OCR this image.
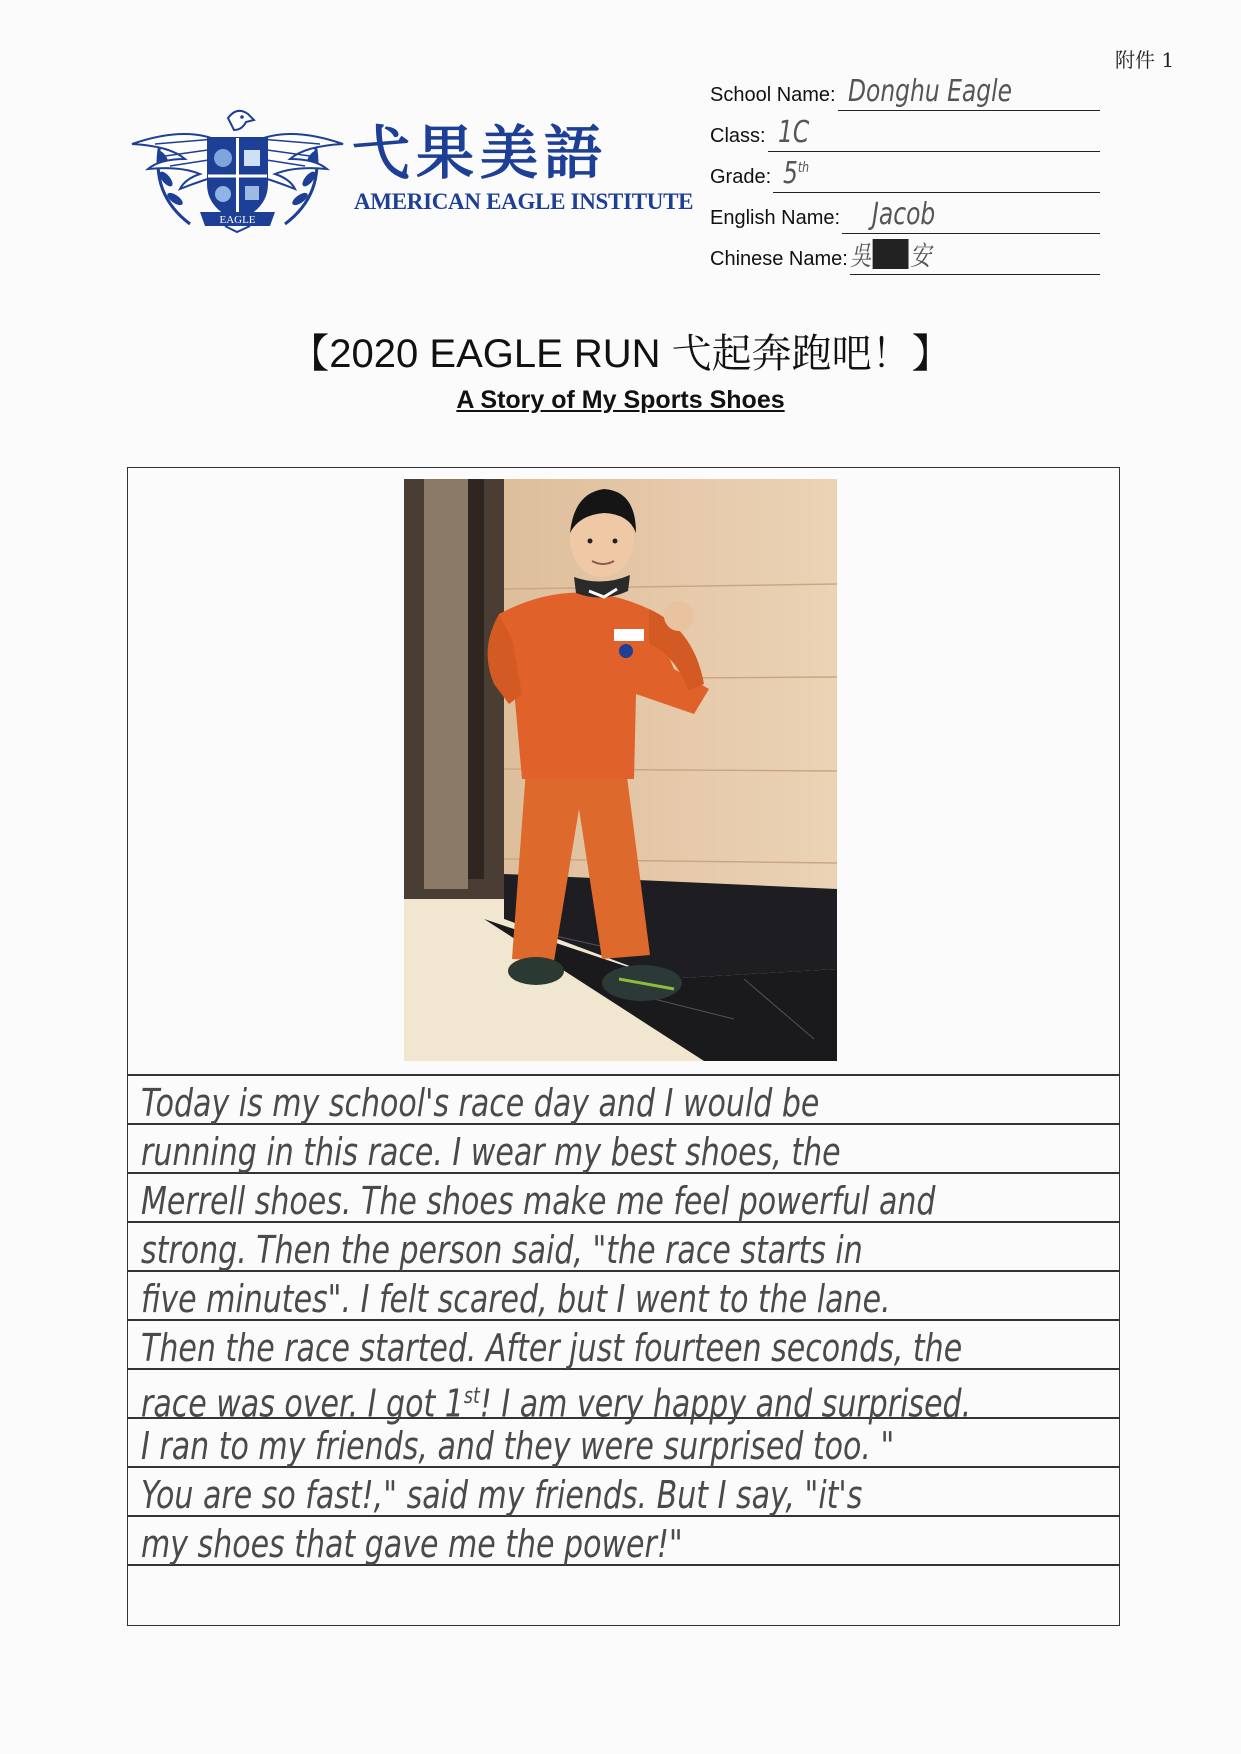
附件 1
EAGLE
弋果美語
AMERICAN EAGLE INSTITUTE
School Name: Donghu Eagle
Class: 1C
Grade: 5th
English Name: Jacob
Chinese Name: 吳 安
【2020 EAGLE RUN 弋起奔跑吧！】
A Story of My Sports Shoes
Today is my school's race day and I would be
running in this race. I wear my best shoes, the
Merrell shoes. The shoes make me feel powerful and
strong. Then the person said, "the race starts in
five minutes". I felt scared, but I went to the lane.
Then the race started. After just fourteen seconds, the
race was over. I got 1st! I am very happy and surprised.
I ran to my friends, and they were surprised too. "
You are so fast!," said my friends. But I say, "it's
my shoes that gave me the power!"
